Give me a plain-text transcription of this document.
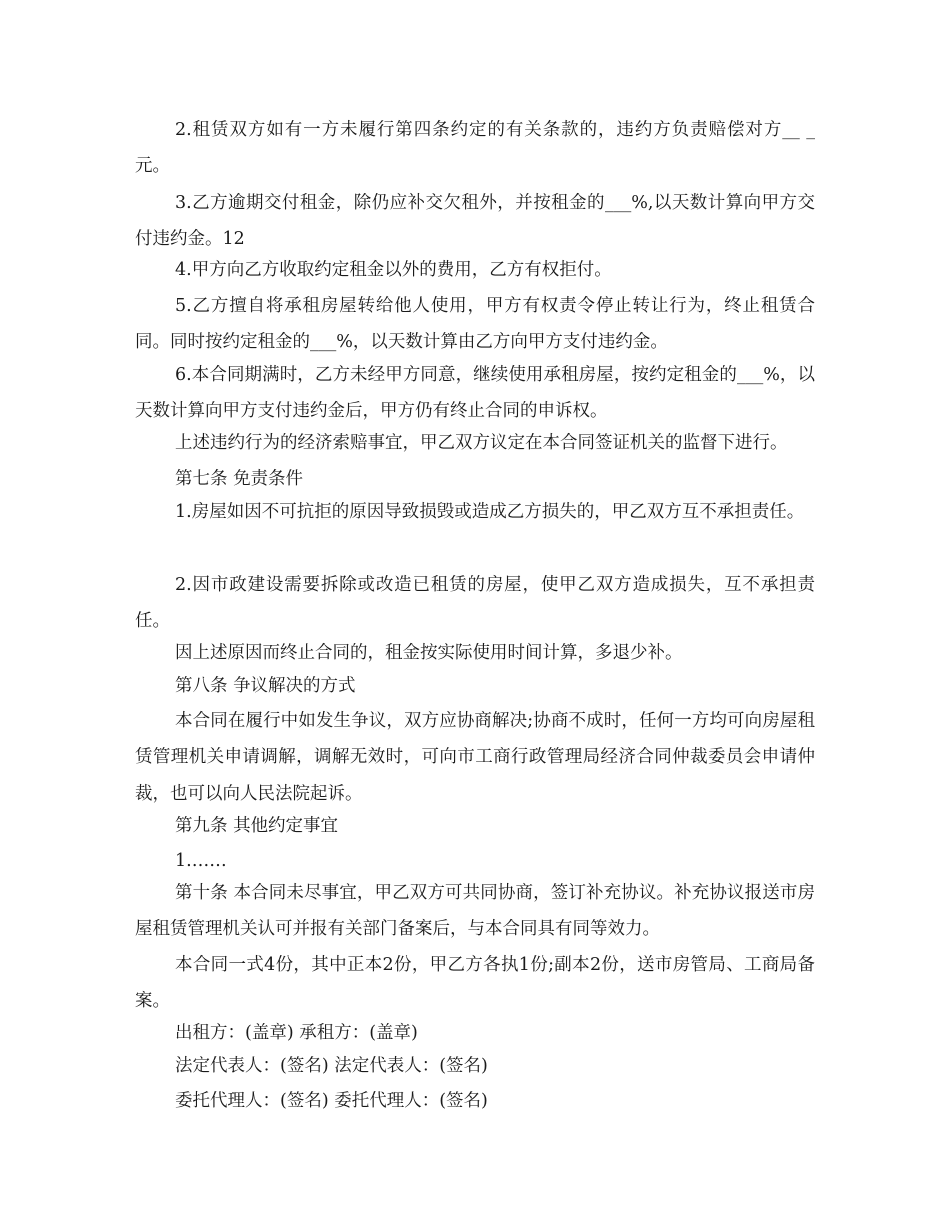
2.租赁双方如有一方未履行第四条约定的有关条款的，违约方负责赔偿对方__ _元。

3.乙方逾期交付租金，除仍应补交欠租外，并按租金的___%,以天数计算向甲方交付违约金。12

4.甲方向乙方收取约定租金以外的费用，乙方有权拒付。

5.乙方擅自将承租房屋转给他人使用，甲方有权责令停止转让行为，终止租赁合同。同时按约定租金的___%，以天数计算由乙方向甲方支付违约金。

6.本合同期满时，乙方未经甲方同意，继续使用承租房屋，按约定租金的___%，以天数计算向甲方支付违约金后，甲方仍有终止合同的申诉权。

上述违约行为的经济索赔事宜，甲乙双方议定在本合同签证机关的监督下进行。

第七条 免责条件

1.房屋如因不可抗拒的原因导致损毁或造成乙方损失的，甲乙双方互不承担责任。

2.因市政建设需要拆除或改造已租赁的房屋，使甲乙双方造成损失，互不承担责任。

因上述原因而终止合同的，租金按实际使用时间计算，多退少补。

第八条 争议解决的方式

本合同在履行中如发生争议，双方应协商解决;协商不成时，任何一方均可向房屋租赁管理机关申请调解，调解无效时，可向市工商行政管理局经济合同仲裁委员会申请仲裁，也可以向人民法院起诉。

第九条 其他约定事宜

1.……

第十条 本合同未尽事宜，甲乙双方可共同协商，签订补充协议。补充协议报送市房屋租赁管理机关认可并报有关部门备案后，与本合同具有同等效力。

本合同一式4份，其中正本2份，甲乙方各执1份;副本2份，送市房管局、工商局备案。

出租方：(盖章) 承租方：(盖章)

法定代表人：(签名) 法定代表人：(签名)

委托代理人：(签名) 委托代理人：(签名)
